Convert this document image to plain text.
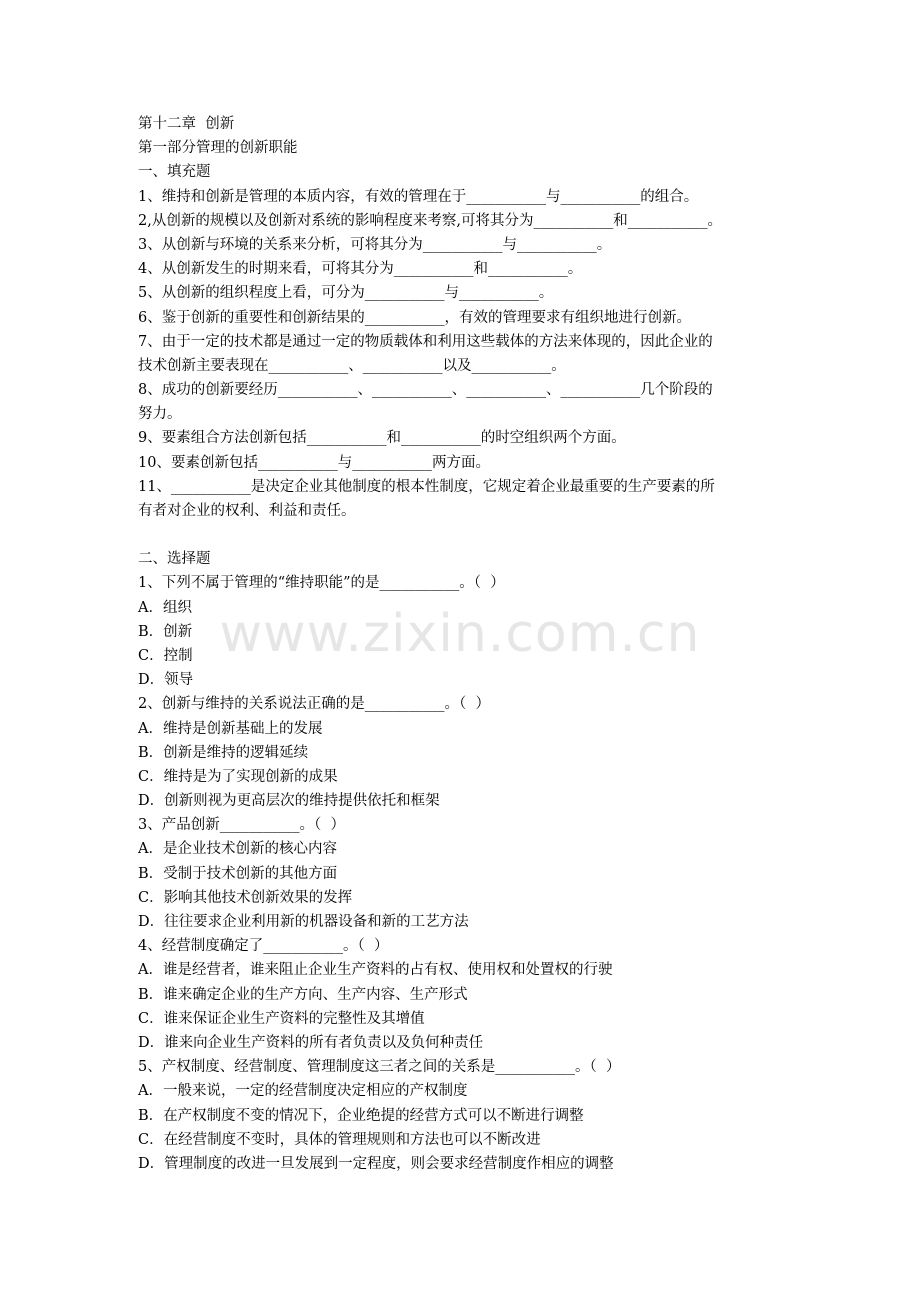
第十二章  创新
第一部分管理的创新职能
一、填充题
1、维持和创新是管理的本质内容，有效的管理在于___________与___________的组合。
2,从创新的规模以及创新对系统的影响程度来考察,可将其分为___________和___________。
3、从创新与环境的关系来分析，可将其分为___________与___________。
4、从创新发生的时期来看，可将其分为___________和___________。
5、从创新的组织程度上看，可分为___________与___________。
6、鉴于创新的重要性和创新结果的___________，有效的管理要求有组织地进行创新。
7、由于一定的技术都是通过一定的物质载体和利用这些载体的方法来体现的，因此企业的
技术创新主要表现在___________、___________以及___________。
8、成功的创新要经历___________、___________、___________、___________几个阶段的
努力。
9、要素组合方法创新包括___________和___________的时空组织两个方面。
10、要素创新包括___________与___________两方面。
11、___________是决定企业其他制度的根本性制度，它规定着企业最重要的生产要素的所
有者对企业的权利、利益和责任。
二、选择题
1、下列不属于管理的“维持职能”的是___________。（  ）
A．组织
B．创新
C．控制
D．领导
2、创新与维持的关系说法正确的是___________。（  ）
A．维持是创新基础上的发展
B．创新是维持的逻辑延续
C．维持是为了实现创新的成果
D．创新则视为更高层次的维持提供依托和框架
3、产品创新___________。（  ）
A．是企业技术创新的核心内容
B．受制于技术创新的其他方面
C．影响其他技术创新效果的发挥
D．往往要求企业利用新的机器设备和新的工艺方法
4、经营制度确定了___________。（  ）
A．谁是经营者，谁来阻止企业生产资料的占有权、使用权和处置权的行驶
B．谁来确定企业的生产方向、生产内容、生产形式
C．谁来保证企业生产资料的完整性及其增值
D．谁来向企业生产资料的所有者负责以及负何种责任
5、产权制度、经营制度、管理制度这三者之间的关系是___________。（  ）
A．一般来说，一定的经营制度决定相应的产权制度
B．在产权制度不变的情况下，企业绝提的经营方式可以不断进行调整
C．在经营制度不变时，具体的管理规则和方法也可以不断改进
D．管理制度的改进一旦发展到一定程度，则会要求经营制度作相应的调整
www.zixin.com.cn
